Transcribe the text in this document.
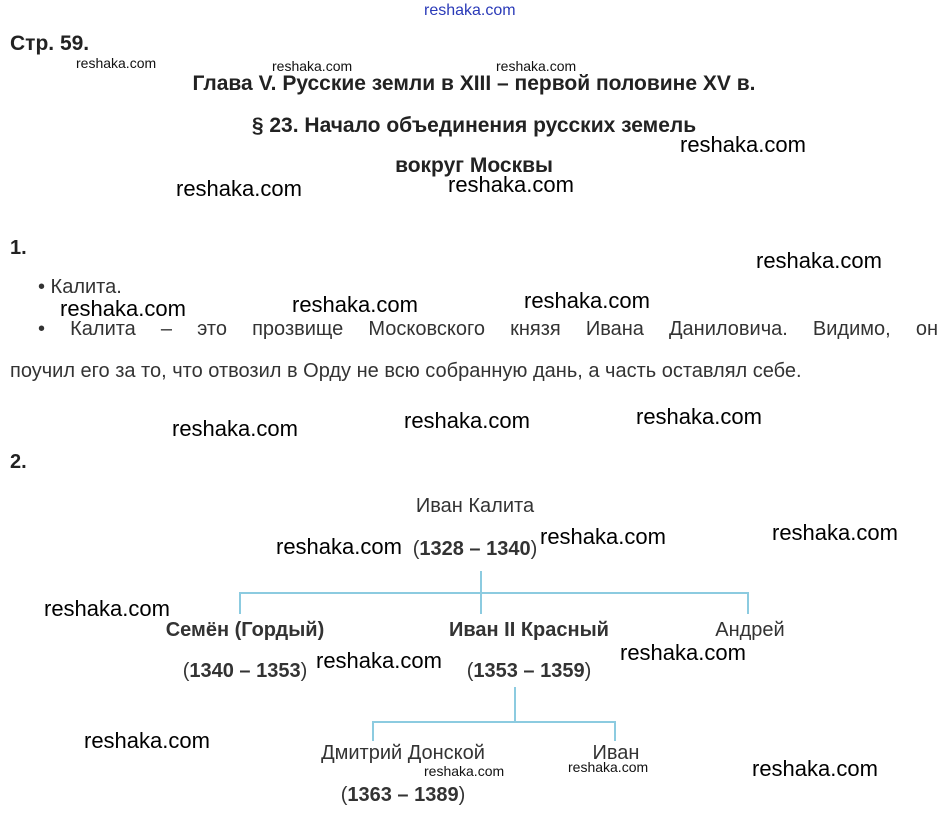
reshaka.com
Стр. 59.
Глава V. Русские земли в XIII – первой половине XV в.
§ 23. Начало объединения русских земель
вокруг Москвы
1.
• Калита.
• Калита – это прозвище Московского князя Ивана Даниловича. Видимо, он
поучил его за то, что отвозил в Орду не всю собранную дань, а часть оставлял себе.
2.
Иван Калита
(1328 – 1340)
Семён (Гордый)
(1340 – 1353)
Иван II Красный
(1353 – 1359)
Андрей
Дмитрий Донской
(1363 – 1389)
Иван
reshaka.com	reshaka.com	reshaka.com
reshaka.com
reshaka.com	reshaka.com
reshaka.com
reshaka.com	reshaka.com	reshaka.com
reshaka.com	reshaka.com	reshaka.com
reshaka.com
reshaka.com	reshaka.com
reshaka.com
reshaka.com	reshaka.com
reshaka.com
reshaka.com
reshaka.com	reshaka.com
